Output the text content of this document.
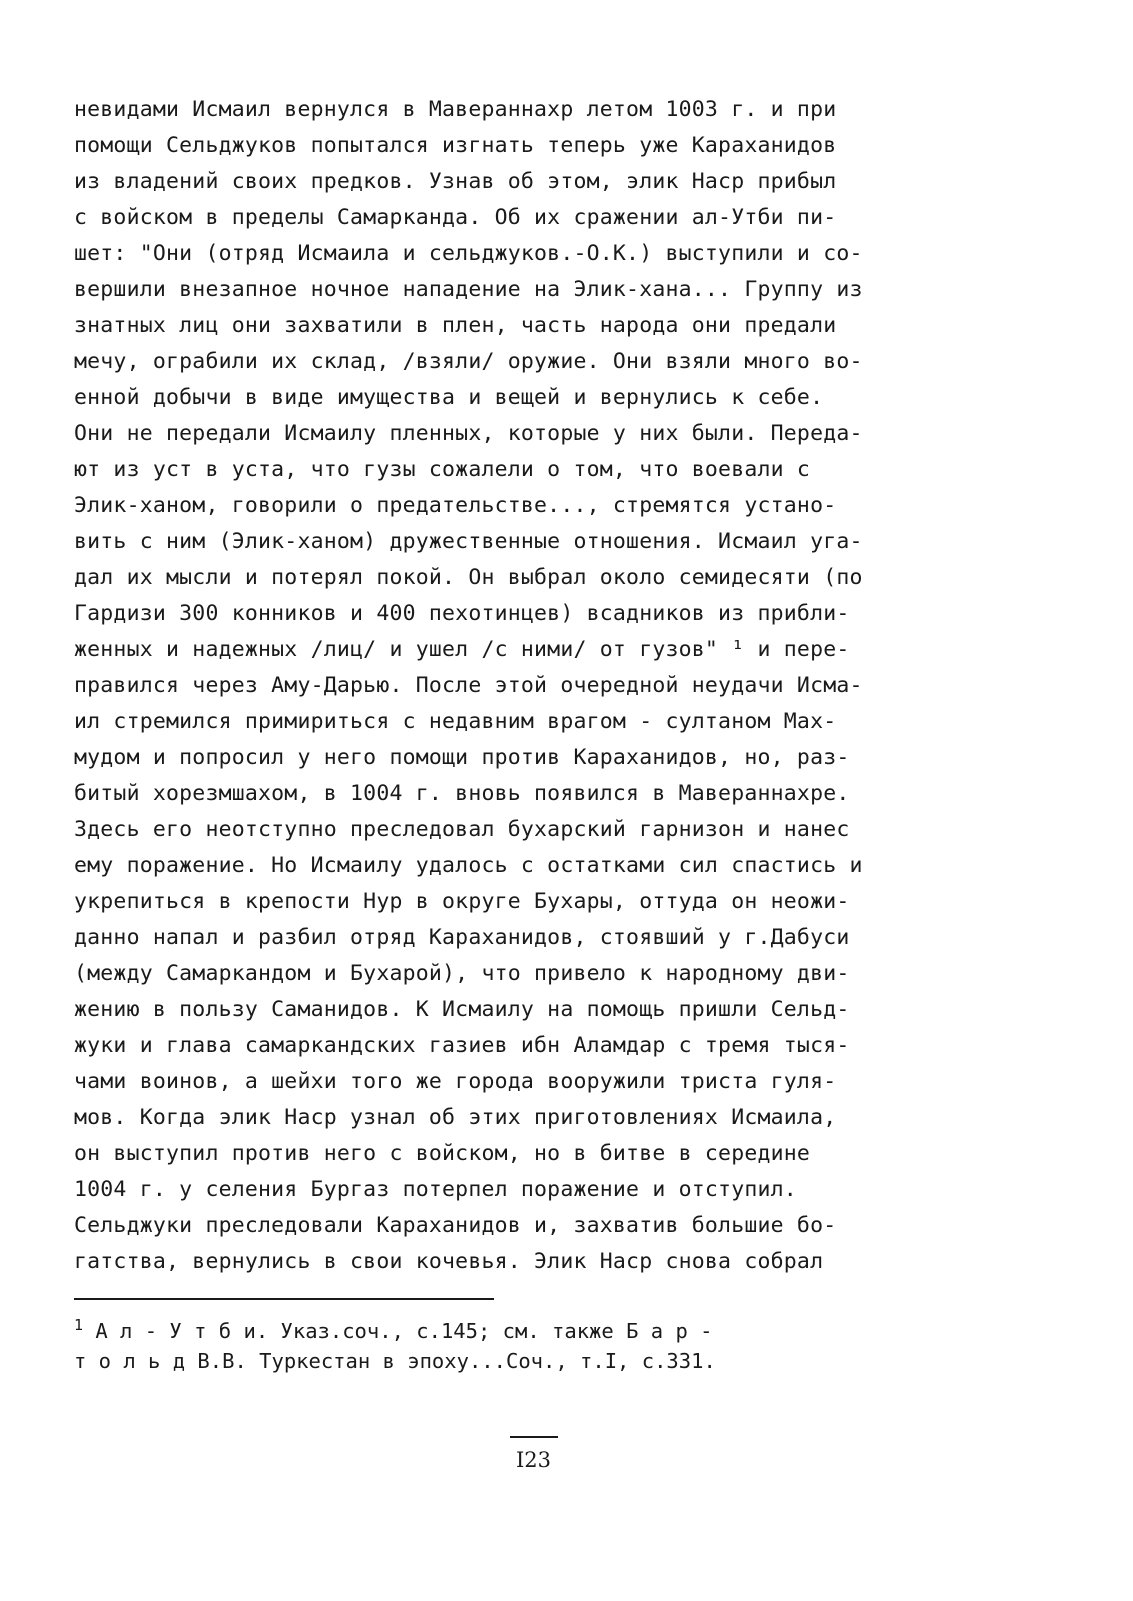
невидами Исмаил вернулся в Мавераннахр летом 1003 г. и при
помощи Сельджуков попытался изгнать теперь уже Караханидов
из владений своих предков. Узнав об этом, элик Наср прибыл
с войском в пределы Самарканда. Об их сражении ал-Утби пи-
шет: "Они (отряд Исмаила и сельджуков.-О.К.) выступили и со-
вершили внезапное ночное нападение на Элик-хана... Группу из
знатных лиц они захватили в плен, часть народа они предали
мечу, ограбили их склад, /взяли/ оружие. Они взяли много во-
енной добычи в виде имущества и вещей и вернулись к себе.
Они не передали Исмаилу пленных, которые у них были. Переда-
ют из уст в уста, что гузы сожалели о том, что воевали с
Элик-ханом, говорили о предательстве..., стремятся устано-
вить с ним (Элик-ханом) дружественные отношения. Исмаил уга-
дал их мысли и потерял покой. Он выбрал около семидесяти (по
Гардизи 300 конников и 400 пехотинцев) всадников из прибли-
женных и надежных /лиц/ и ушел /с ними/ от гузов" ¹ и пере-
правился через Аму-Дарью. После этой очередной неудачи Исма-
ил стремился примириться с недавним врагом - султаном Мах-
мудом и попросил у него помощи против Караханидов, но, раз-
битый хорезмшахом, в 1004 г. вновь появился в Мавераннахре.
Здесь его неотступно преследовал бухарский гарнизон и нанес
ему поражение. Но Исмаилу удалось с остатками сил спастись и
укрепиться в крепости Нур в округе Бухары, оттуда он неожи-
данно напал и разбил отряд Караханидов, стоявший у г.Дабуси
(между Самаркандом и Бухарой), что привело к народному дви-
жению в пользу Саманидов. К Исмаилу на помощь пришли Сельд-
жуки и глава самаркандских газиев ибн Аламдар с тремя тыся-
чами воинов, а шейхи того же города вооружили триста гуля-
мов. Когда элик Наср узнал об этих приготовлениях Исмаила,
он выступил против него с войском, но в битве в середине
1004 г. у селения Бургаз потерпел поражение и отступил.
Сельджуки преследовали Караханидов и, захватив большие бо-
гатства, вернулись в свои кочевья. Элик Наср снова собрал
$^1$ А л - У т б и. Указ.соч., с.145; см. также Б а р -
т о л ь д В.В. Туркестан в эпоху...Соч., т.I, с.331.
I23
